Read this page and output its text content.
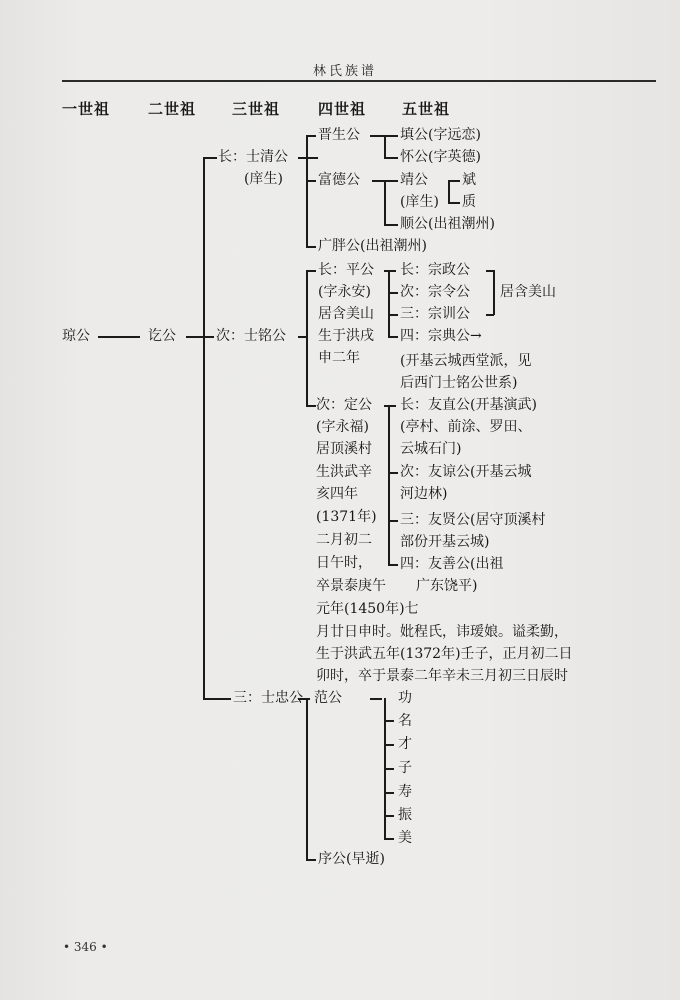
林氏族谱
一世祖	二世祖 三世祖	四世祖 五世祖
琼公	讫公
长：士清公
(庠生)
次：士铭公
三：士忠公
晋生公
富德公
广胖公(出祖潮州)
填公(字远恋)
怀公(字英德)
靖公
(庠生)
斌
质
顺公(出祖潮州)
长：平公
(字永安)
居含美山
生于洪戌
申二年
长：宗政公
次：宗令公
三：宗训公
居含美山
四：宗典公→
(开基云城西堂派，见
后西门士铭公世系)
次：定公
(字永福)
居顶溪村
生洪武辛
亥四年
(1371年)
二月初二
日午时，
卒景泰庚午
元年(1450年)七
长：友直公(开基演武)
(亭村、前涂、罗田、
云城石门)
次：友谅公(开基云城
河边林)
三：友贤公(居守顶溪村
部份开基云城)
四：友善公(出祖
广东饶平)
月廿日申时。妣程氏，讳瑷娘。谥柔勤，
生于洪武五年(1372年)壬子，正月初二日
卯时，卒于景泰二年辛未三月初三日辰时
范公	功
名
才
子
寿
振
美
序公(早逝)
• 346 •
